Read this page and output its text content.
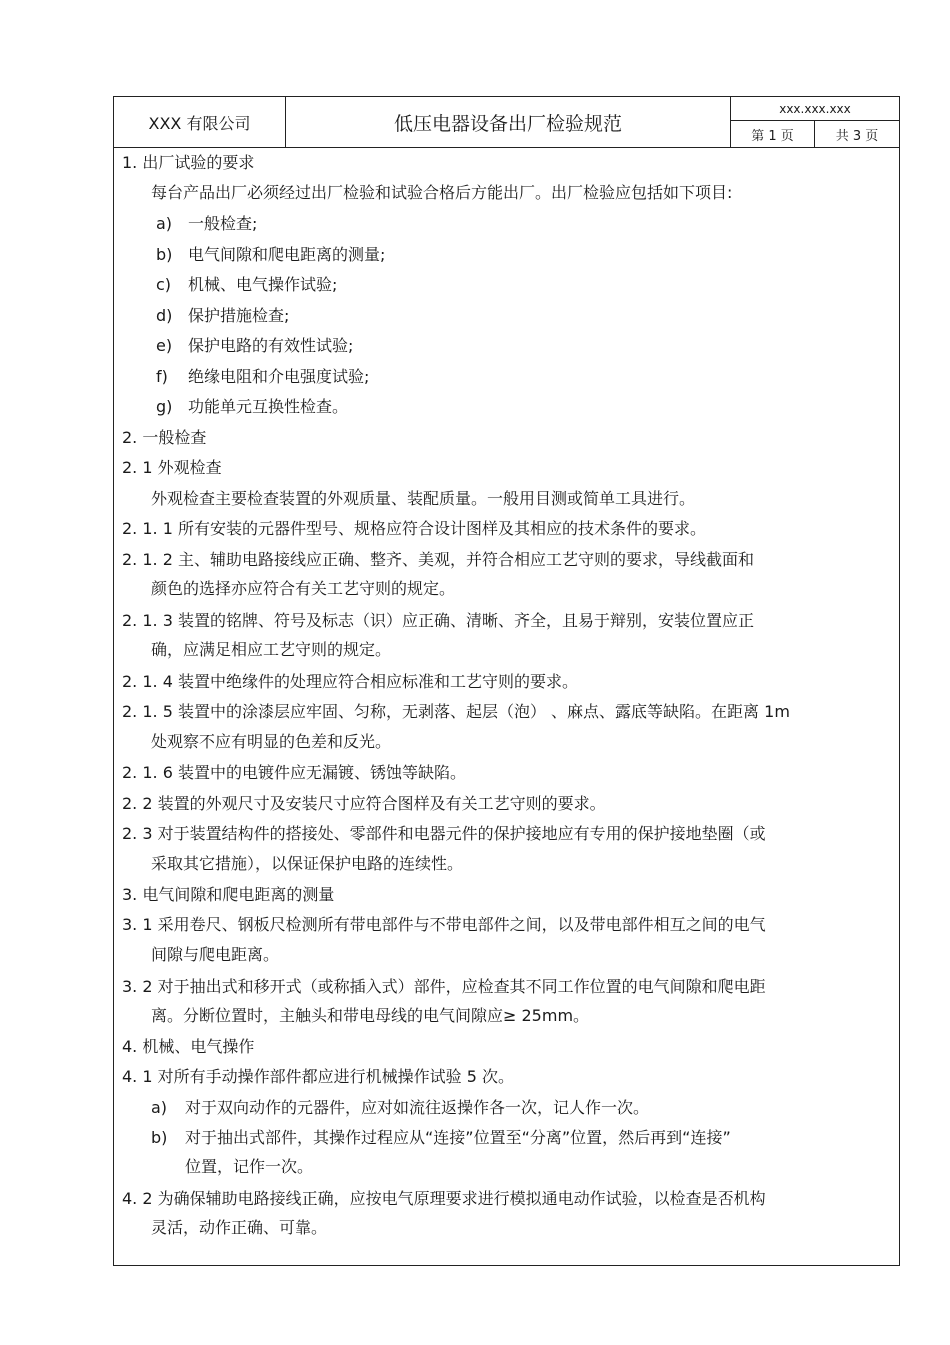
XXX 有限公司	低压电器设备出厂检验规范
xxx.xxx.xxx
第 1 页	共 3 页
1. 出厂试验的要求
每台产品出厂必须经过出厂检验和试验合格后方能出厂。出厂检验应包括如下项目:
a) 一般检查;
b) 电气间隙和爬电距离的测量;
c) 机械、电气操作试验;
d) 保护措施检查;
e) 保护电路的有效性试验;
f) 绝缘电阻和介电强度试验;
g) 功能单元互换性检查。
2. 一般检查
2. 1 外观检查
外观检查主要检查装置的外观质量、装配质量。一般用目测或简单工具进行。
2. 1. 1 所有安装的元器件型号、规格应符合设计图样及其相应的技术条件的要求。
2. 1. 2 主、辅助电路接线应正确、整齐、美观，并符合相应工艺守则的要求，导线截面和
颜色的选择亦应符合有关工艺守则的规定。
2. 1. 3 装置的铭牌、符号及标志（识）应正确、清晰、齐全，且易于辩别，安装位置应正
确，应满足相应工艺守则的规定。
2. 1. 4 装置中绝缘件的处理应符合相应标准和工艺守则的要求。
2. 1. 5 装置中的涂漆层应牢固、匀称，无剥落、起层（泡） 、麻点、露底等缺陷。在距离 1m
处观察不应有明显的色差和反光。
2. 1. 6 装置中的电镀件应无漏镀、锈蚀等缺陷。
2. 2 装置的外观尺寸及安装尺寸应符合图样及有关工艺守则的要求。
2. 3 对于装置结构件的搭接处、零部件和电器元件的保护接地应有专用的保护接地垫圈（或
采取其它措施），以保证保护电路的连续性。
3. 电气间隙和爬电距离的测量
3. 1 采用卷尺、钢板尺检测所有带电部件与不带电部件之间，以及带电部件相互之间的电气
间隙与爬电距离。
3. 2 对于抽出式和移开式（或称插入式）部件，应检查其不同工作位置的电气间隙和爬电距
离。分断位置时，主触头和带电母线的电气间隙应≥ 25mm。
4. 机械、电气操作
4. 1 对所有手动操作部件都应进行机械操作试验 5 次。
a) 对于双向动作的元器件，应对如流往返操作各一次，记人作一次。
b) 对于抽出式部件，其操作过程应从“连接”位置至“分离”位置，然后再到“连接”
位置，记作一次。
4. 2 为确保辅助电路接线正确，应按电气原理要求进行模拟通电动作试验，以检查是否机构
灵活，动作正确、可靠。
